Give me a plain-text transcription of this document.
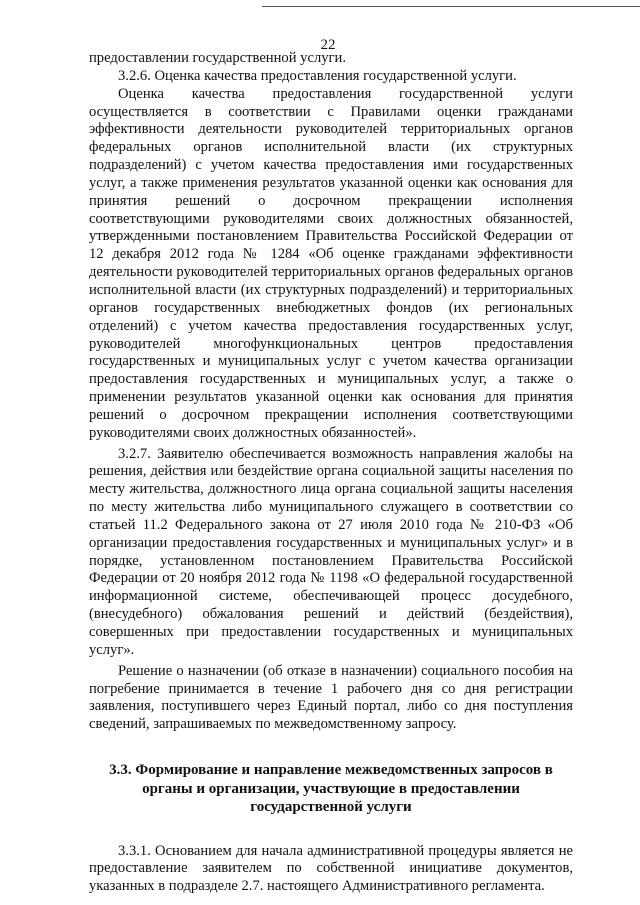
22

предоставлении государственной услуги.

3.2.6. Оценка качества предоставления государственной услуги.

Оценка качества предоставления государственной услуги осуществляется в соответствии с Правилами оценки гражданами эффективности деятельности руководителей территориальных органов федеральных органов исполнительной власти (их структурных подразделений) с учетом качества предоставления ими государственных услуг, а также применения результатов указанной оценки как основания для принятия решений о досрочном прекращении исполнения соответствующими руководителями своих должностных обязанностей, утвержденными постановлением Правительства Российской Федерации от 12 декабря 2012 года № 1284 «Об оценке гражданами эффективности деятельности руководителей территориальных органов федеральных органов исполнительной власти (их структурных подразделений) и территориальных органов государственных внебюджетных фондов (их региональных отделений) с учетом качества предоставления государственных услуг, руководителей многофункциональных центров предоставления государственных и муниципальных услуг с учетом качества организации предоставления государственных и муниципальных услуг, а также о применении результатов указанной оценки как основания для принятия решений о досрочном прекращении исполнения соответствующими руководителями своих должностных обязанностей».

3.2.7. Заявителю обеспечивается возможность направления жалобы на решения, действия или бездействие органа социальной защиты населения по месту жительства, должностного лица органа социальной защиты населения по месту жительства либо муниципального служащего в соответствии со статьей 11.2 Федерального закона от 27 июля 2010 года № 210-ФЗ «Об организации предоставления государственных и муниципальных услуг» и в порядке, установленном постановлением Правительства Российской Федерации от 20 ноября 2012 года № 1198 «О федеральной государственной информационной системе, обеспечивающей процесс досудебного, (внесудебного) обжалования решений и действий (бездействия), совершенных при предоставлении государственных и муниципальных услуг».

Решение о назначении (об отказе в назначении) социального пособия на погребение принимается в течение 1 рабочего дня со дня регистрации заявления, поступившего через Единый портал, либо со дня поступления сведений, запрашиваемых по межведомственному запросу.

3.3. Формирование и направление межведомственных запросов в органы и организации, участвующие в предоставлении государственной услуги

3.3.1. Основанием для начала административной процедуры является не предоставление заявителем по собственной инициативе документов, указанных в подразделе 2.7. настоящего Административного регламента.
